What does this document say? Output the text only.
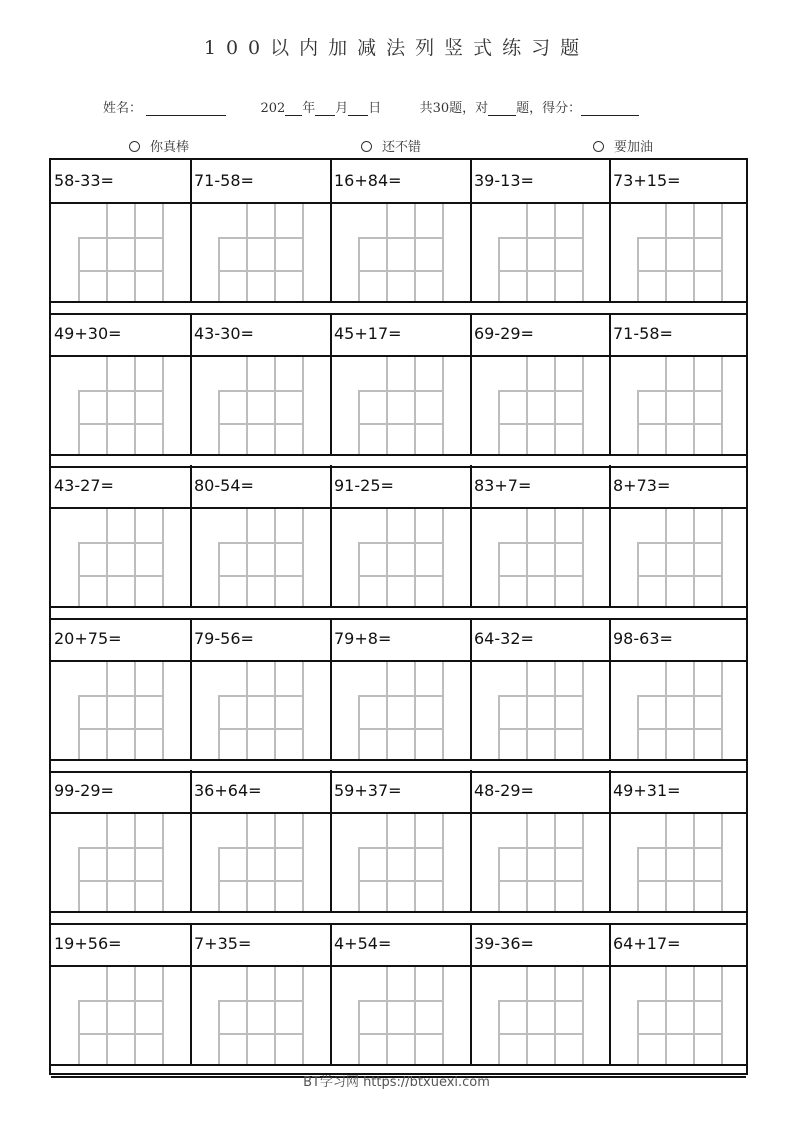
100以内加减法列竖式练习题
姓名：	202 年 月 日	共30题，对 题，得分：
你真棒	还不错	要加油
58-33=	71-58=	16+84=	39-13=	73+15=
49+30=	43-30=	45+17=	69-29=	71-58=
43-27=	80-54=	91-25=	83+7=	8+73=
20+75=	79-56=	79+8=	64-32=	98-63=
99-29=	36+64=	59+37=	48-29=	49+31=
19+56=	7+35=	4+54=	39-36=	64+17=
BT学习网 https://btxuexi.com
